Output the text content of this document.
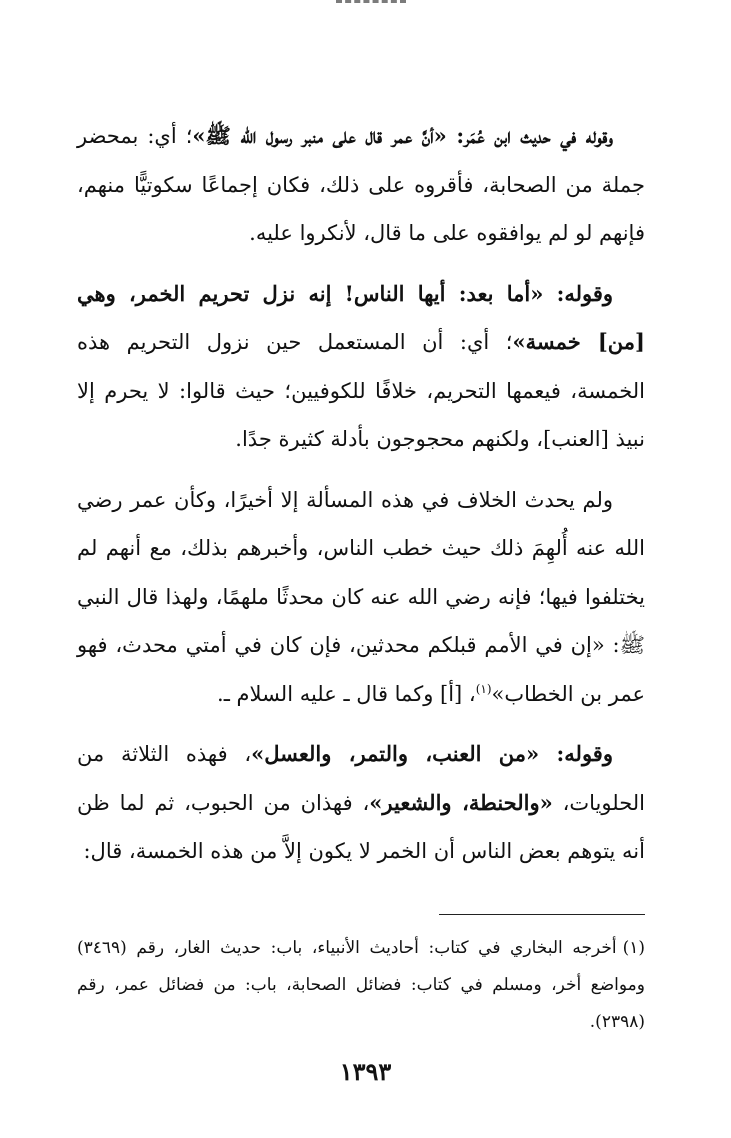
وقوله في حديث ابن عُمَر: «أنَّ عمر قال على منبر رسول الله ﷺ»؛ أي: بمحضر جملة من الصحابة، فأقروه على ذلك، فكان إجماعًا سكوتيًّا منهم، فإنهم لو لم يوافقوه على ما قال، لأنكروا عليه.

وقوله: «أما بعد: أيها الناس! إنه نزل تحريم الخمر، وهي [من] خمسة»؛ أي: أن المستعمل حين نزول التحريم هذه الخمسة، فيعمها التحريم، خلافًا للكوفيين؛ حيث قالوا: لا يحرم إلا نبيذ [العنب]، ولكنهم محجوجون بأدلة كثيرة جدًا.

ولم يحدث الخلاف في هذه المسألة إلا أخيرًا، وكأن عمر رضي الله عنه أُلهِمَ ذلك حيث خطب الناس، وأخبرهم بذلك، مع أنهم لم يختلفوا فيها؛ فإنه رضي الله عنه كان محدثًا ملهمًا، ولهذا قال النبي ﷺ: «إن في الأمم قبلكم محدثين، فإن كان في أمتي محدث، فهو عمر بن الخطاب»$^{(١)}$، [أ] وكما قال ـ عليه السلام ـ.

وقوله: «من العنب، والتمر، والعسل»، فهذه الثلاثة من الحلويات، «والحنطة، والشعير»، فهذان من الحبوب، ثم لما ظن أنه يتوهم بعض الناس أن الخمر لا يكون إلاَّ من هذه الخمسة، قال:

(١)أخرجه البخاري في كتاب: أحاديث الأنبياء، باب: حديث الغار، رقم (٣٤٦٩) ومواضع أخر، ومسلم في كتاب: فضائل الصحابة، باب: من فضائل عمر، رقم (٢٣٩٨).
١٣٩٣
